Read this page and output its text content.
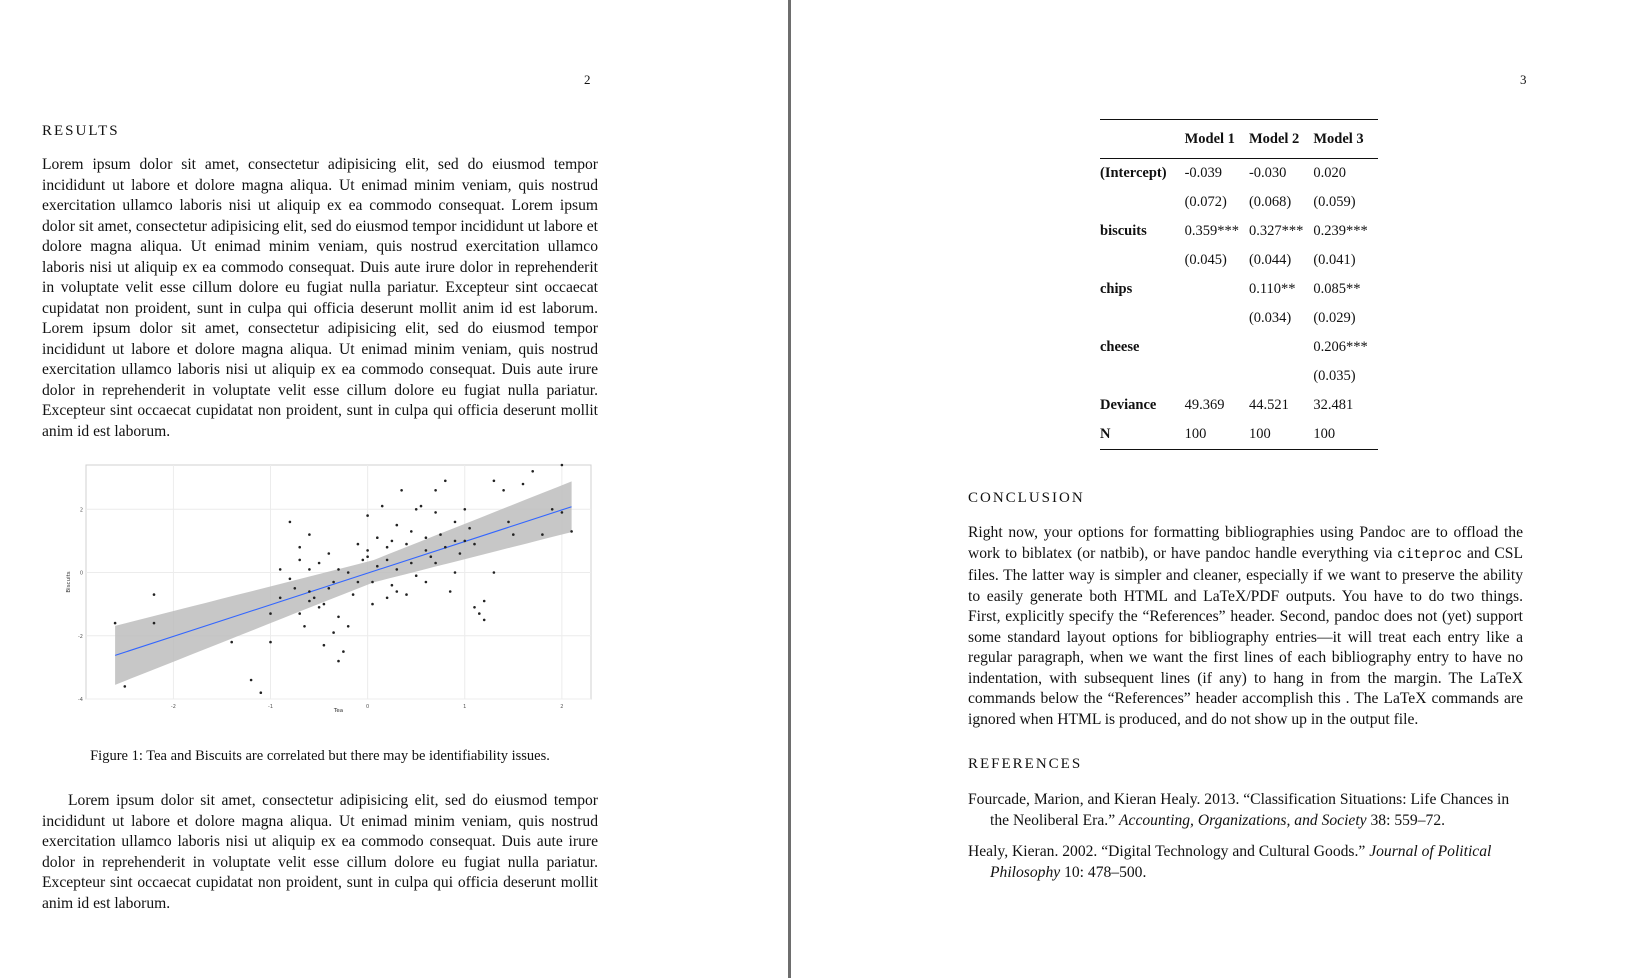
2
RESULTS

Lorem ipsum dolor sit amet, consectetur adipisicing elit, sed do eiusmod tempor incididunt ut labore et dolore magna aliqua. Ut enimad minim veniam, quis nostrud exercitation ullamco laboris nisi ut aliquip ex ea commodo consequat. Lorem ipsum dolor sit amet, consectetur adipisicing elit, sed do eiusmod tempor incididunt ut labore et dolore magna aliqua. Ut enimad minim veniam, quis nostrud exercitation ullamco laboris nisi ut aliquip ex ea commodo consequat. Duis aute irure dolor in reprehenderit in voluptate velit esse cillum dolore eu fugiat nulla pariatur. Excepteur sint occaecat cupidatat non proident, sunt in culpa qui officia deserunt mollit anim id est laborum. Lorem ipsum dolor sit amet, consectetur adipisicing elit, sed do eiusmod tempor incididunt ut labore et dolore magna aliqua. Ut enimad minim veniam, quis nostrud exercitation ullamco laboris nisi ut aliquip ex ea commodo consequat. Duis aute irure dolor in reprehenderit in voluptate velit esse cillum dolore eu fugiat nulla pariatur. Excepteur sint occaecat cupidatat non proident, sunt in culpa qui officia deserunt mollit anim id est laborum.

-2	-1	0	1	2
-4
-2
0
2
Tea
Biscuits
Figure 1: Tea and Biscuits are correlated but there may be identifiability issues.

Lorem ipsum dolor sit amet, consectetur adipisicing elit, sed do eiusmod tempor incididunt ut labore et dolore magna aliqua. Ut enimad minim veniam, quis nostrud exercitation ullamco laboris nisi ut aliquip ex ea commodo consequat. Duis aute irure dolor in reprehenderit in voluptate velit esse cillum dolore eu fugiat nulla pariatur. Excepteur sint occaecat cupidatat non proident, sunt in culpa qui officia deserunt mollit anim id est laborum.

3
	Model 1	Model 2	Model 3
(Intercept)	-0.039	-0.030	0.020
	(0.072)	(0.068)	(0.059)
biscuits	0.359***	0.327***	0.239***
	(0.045)	(0.044)	(0.041)
chips		0.110**	0.085**
		(0.034)	(0.029)
cheese			0.206***
			(0.035)
Deviance	49.369	44.521	32.481
N	100	100	100
CONCLUSION

Right now, your options for formatting bibliographies using Pandoc are to offload the work to biblatex (or natbib), or have pandoc handle everything via citeproc and CSL files. The latter way is simpler and cleaner, especially if we want to preserve the ability to easily generate both HTML and LaTeX/PDF outputs. You have to do two things. First, explicitly specify the “References” header. Second, pandoc does not (yet) support some standard layout options for bibliography entries—it will treat each entry like a regular paragraph, when we want the first lines of each bibliography entry to have no indentation, with subsequent lines (if any) to hang in from the margin. The LaTeX commands below the “References” header accomplish this . The LaTeX commands are ignored when HTML is produced, and do not show up in the output file.

REFERENCES

Fourcade, Marion, and Kieran Healy. 2013. “Classification Situations: Life Chances in the Neoliberal Era.” Accounting, Organizations, and Society 38: 559–72.

Healy, Kieran. 2002. “Digital Technology and Cultural Goods.” Journal of Political Philosophy 10: 478–500.
